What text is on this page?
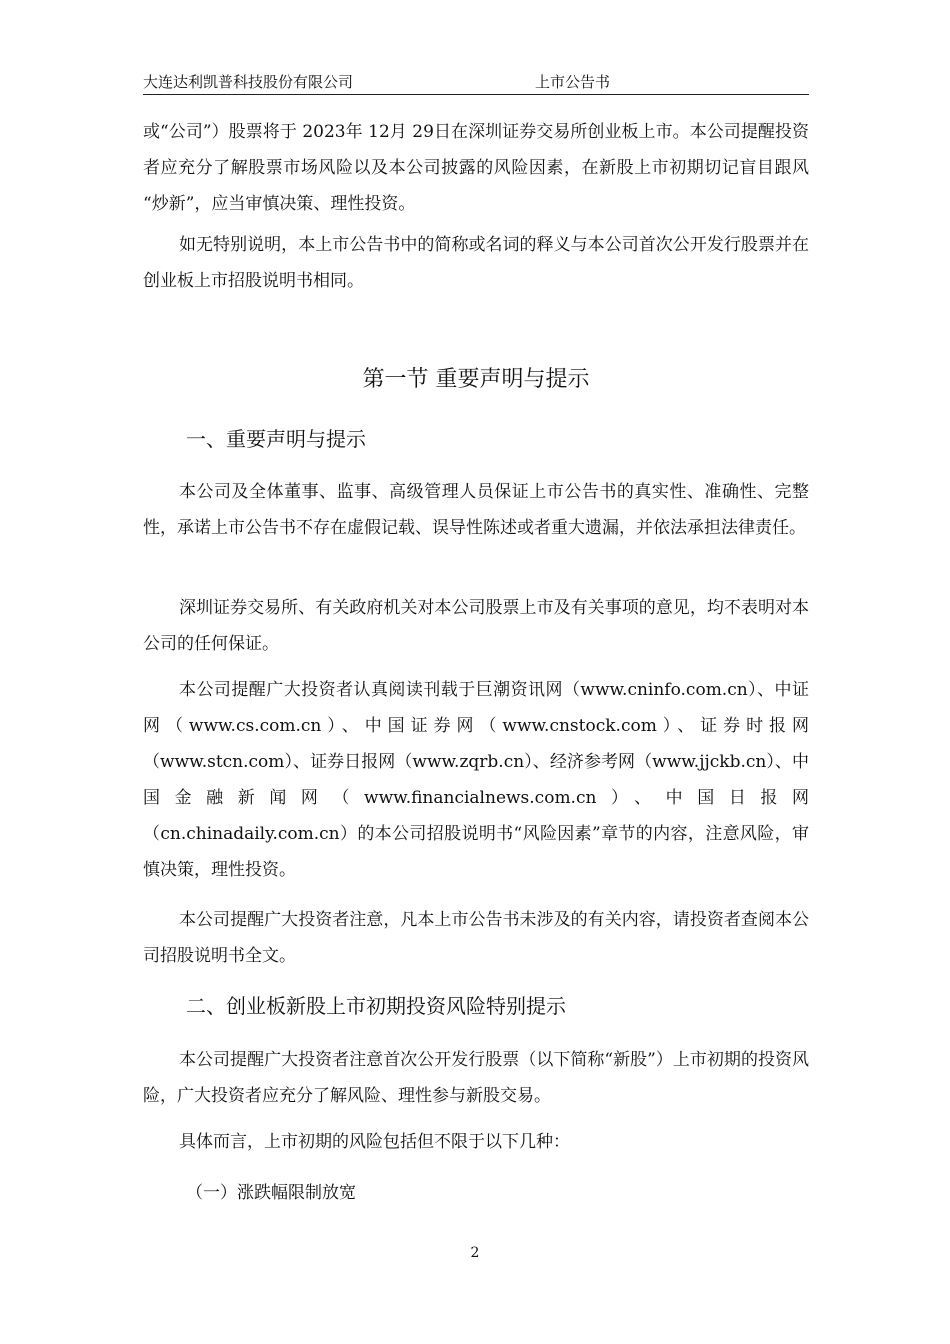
大连达利凯普科技股份有限公司	上市公告书

或“公司”）股票将于 2023年 12月 29日在深圳证券交易所创业板上市。本公司提醒投资者应充分了解股票市场风险以及本公司披露的风险因素，在新股上市初期切记盲目跟风 “炒新”，应当审慎决策、理性投资。

如无特别说明，本上市公告书中的简称或名词的释义与本公司首次公开发行股票并在创业板上市招股说明书相同。

第一节 重要声明与提示
一、重要声明与提示

本公司及全体董事、监事、高级管理人员保证上市公告书的真实性、准确性、完整性，承诺上市公告书不存在虚假记载、误导性陈述或者重大遗漏，并依法承担法律责任。

深圳证券交易所、有关政府机关对本公司股票上市及有关事项的意见，均不表明对本公司的任何保证。

本公司提醒广大投资者认真阅读刊载于巨潮资讯网（www.cninfo.com.cn）、中证网（www.cs.com.cn）、中国证券网（www.cnstock.com）、证券时报网（www.stcn.com）、证券日报网（www.zqrb.cn）、经济参考网（www.jjckb.cn）、中国金融新闻网（www.financialnews.com.cn）、中国日报网（cn.chinadaily.com.cn）的本公司招股说明书“风险因素”章节的内容，注意风险，审慎决策，理性投资。

本公司提醒广大投资者注意，凡本上市公告书未涉及的有关内容，请投资者查阅本公司招股说明书全文。

二、创业板新股上市初期投资风险特别提示

本公司提醒广大投资者注意首次公开发行股票（以下简称“新股”）上市初期的投资风险，广大投资者应充分了解风险、理性参与新股交易。

具体而言，上市初期的风险包括但不限于以下几种：

（一）涨跌幅限制放宽
2
